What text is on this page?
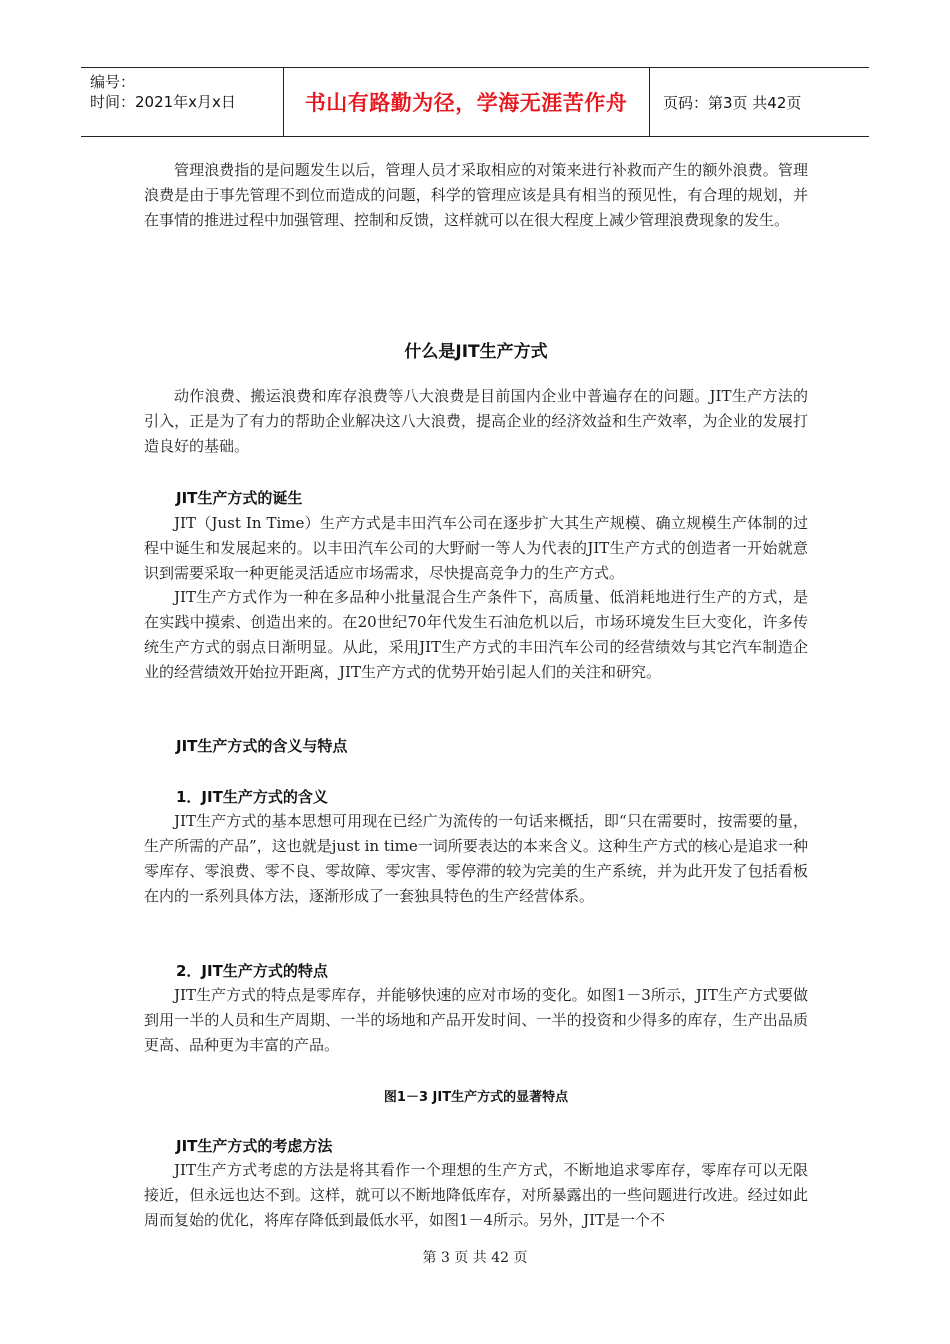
编号：
时间：2021年x月x日	书山有路勤为径，学海无涯苦作舟 页码：第3页 共42页
管理浪费指的是问题发生以后，管理人员才采取相应的对策来进行补救而产生的额外浪费。管理浪费是由于事先管理不到位而造成的问题，科学的管理应该是具有相当的预见性，有合理的规划，并在事情的推进过程中加强管理、控制和反馈，这样就可以在很大程度上减少管理浪费现象的发生。
什么是JIT生产方式
动作浪费、搬运浪费和库存浪费等八大浪费是目前国内企业中普遍存在的问题。JIT生产方法的引入，正是为了有力的帮助企业解决这八大浪费，提高企业的经济效益和生产效率，为企业的发展打造良好的基础。
JIT生产方式的诞生
JIT（Just In Time）生产方式是丰田汽车公司在逐步扩大其生产规模、确立规模生产体制的过程中诞生和发展起来的。以丰田汽车公司的大野耐一等人为代表的JIT生产方式的创造者一开始就意识到需要采取一种更能灵活适应市场需求，尽快提高竞争力的生产方式。
JIT生产方式作为一种在多品种小批量混合生产条件下，高质量、低消耗地进行生产的方式，是在实践中摸索、创造出来的。在20世纪70年代发生石油危机以后，市场环境发生巨大变化，许多传统生产方式的弱点日渐明显。从此，采用JIT生产方式的丰田汽车公司的经营绩效与其它汽车制造企业的经营绩效开始拉开距离，JIT生产方式的优势开始引起人们的关注和研究。
JIT生产方式的含义与特点
1．JIT生产方式的含义
JIT生产方式的基本思想可用现在已经广为流传的一句话来概括，即“只在需要时，按需要的量，生产所需的产品”，这也就是just in time一词所要表达的本来含义。这种生产方式的核心是追求一种零库存、零浪费、零不良、零故障、零灾害、零停滞的较为完美的生产系统，并为此开发了包括看板在内的一系列具体方法，逐渐形成了一套独具特色的生产经营体系。
2．JIT生产方式的特点
JIT生产方式的特点是零库存，并能够快速的应对市场的变化。如图1－3所示，JIT生产方式要做到用一半的人员和生产周期、一半的场地和产品开发时间、一半的投资和少得多的库存，生产出品质更高、品种更为丰富的产品。
图1－3 JIT生产方式的显著特点
JIT生产方式的考虑方法
JIT生产方式考虑的方法是将其看作一个理想的生产方式，不断地追求零库存，零库存可以无限接近，但永远也达不到。这样，就可以不断地降低库存，对所暴露出的一些问题进行改进。经过如此周而复始的优化，将库存降低到最低水平，如图1－4所示。另外，JIT是一个不
第 3 页 共 42 页
